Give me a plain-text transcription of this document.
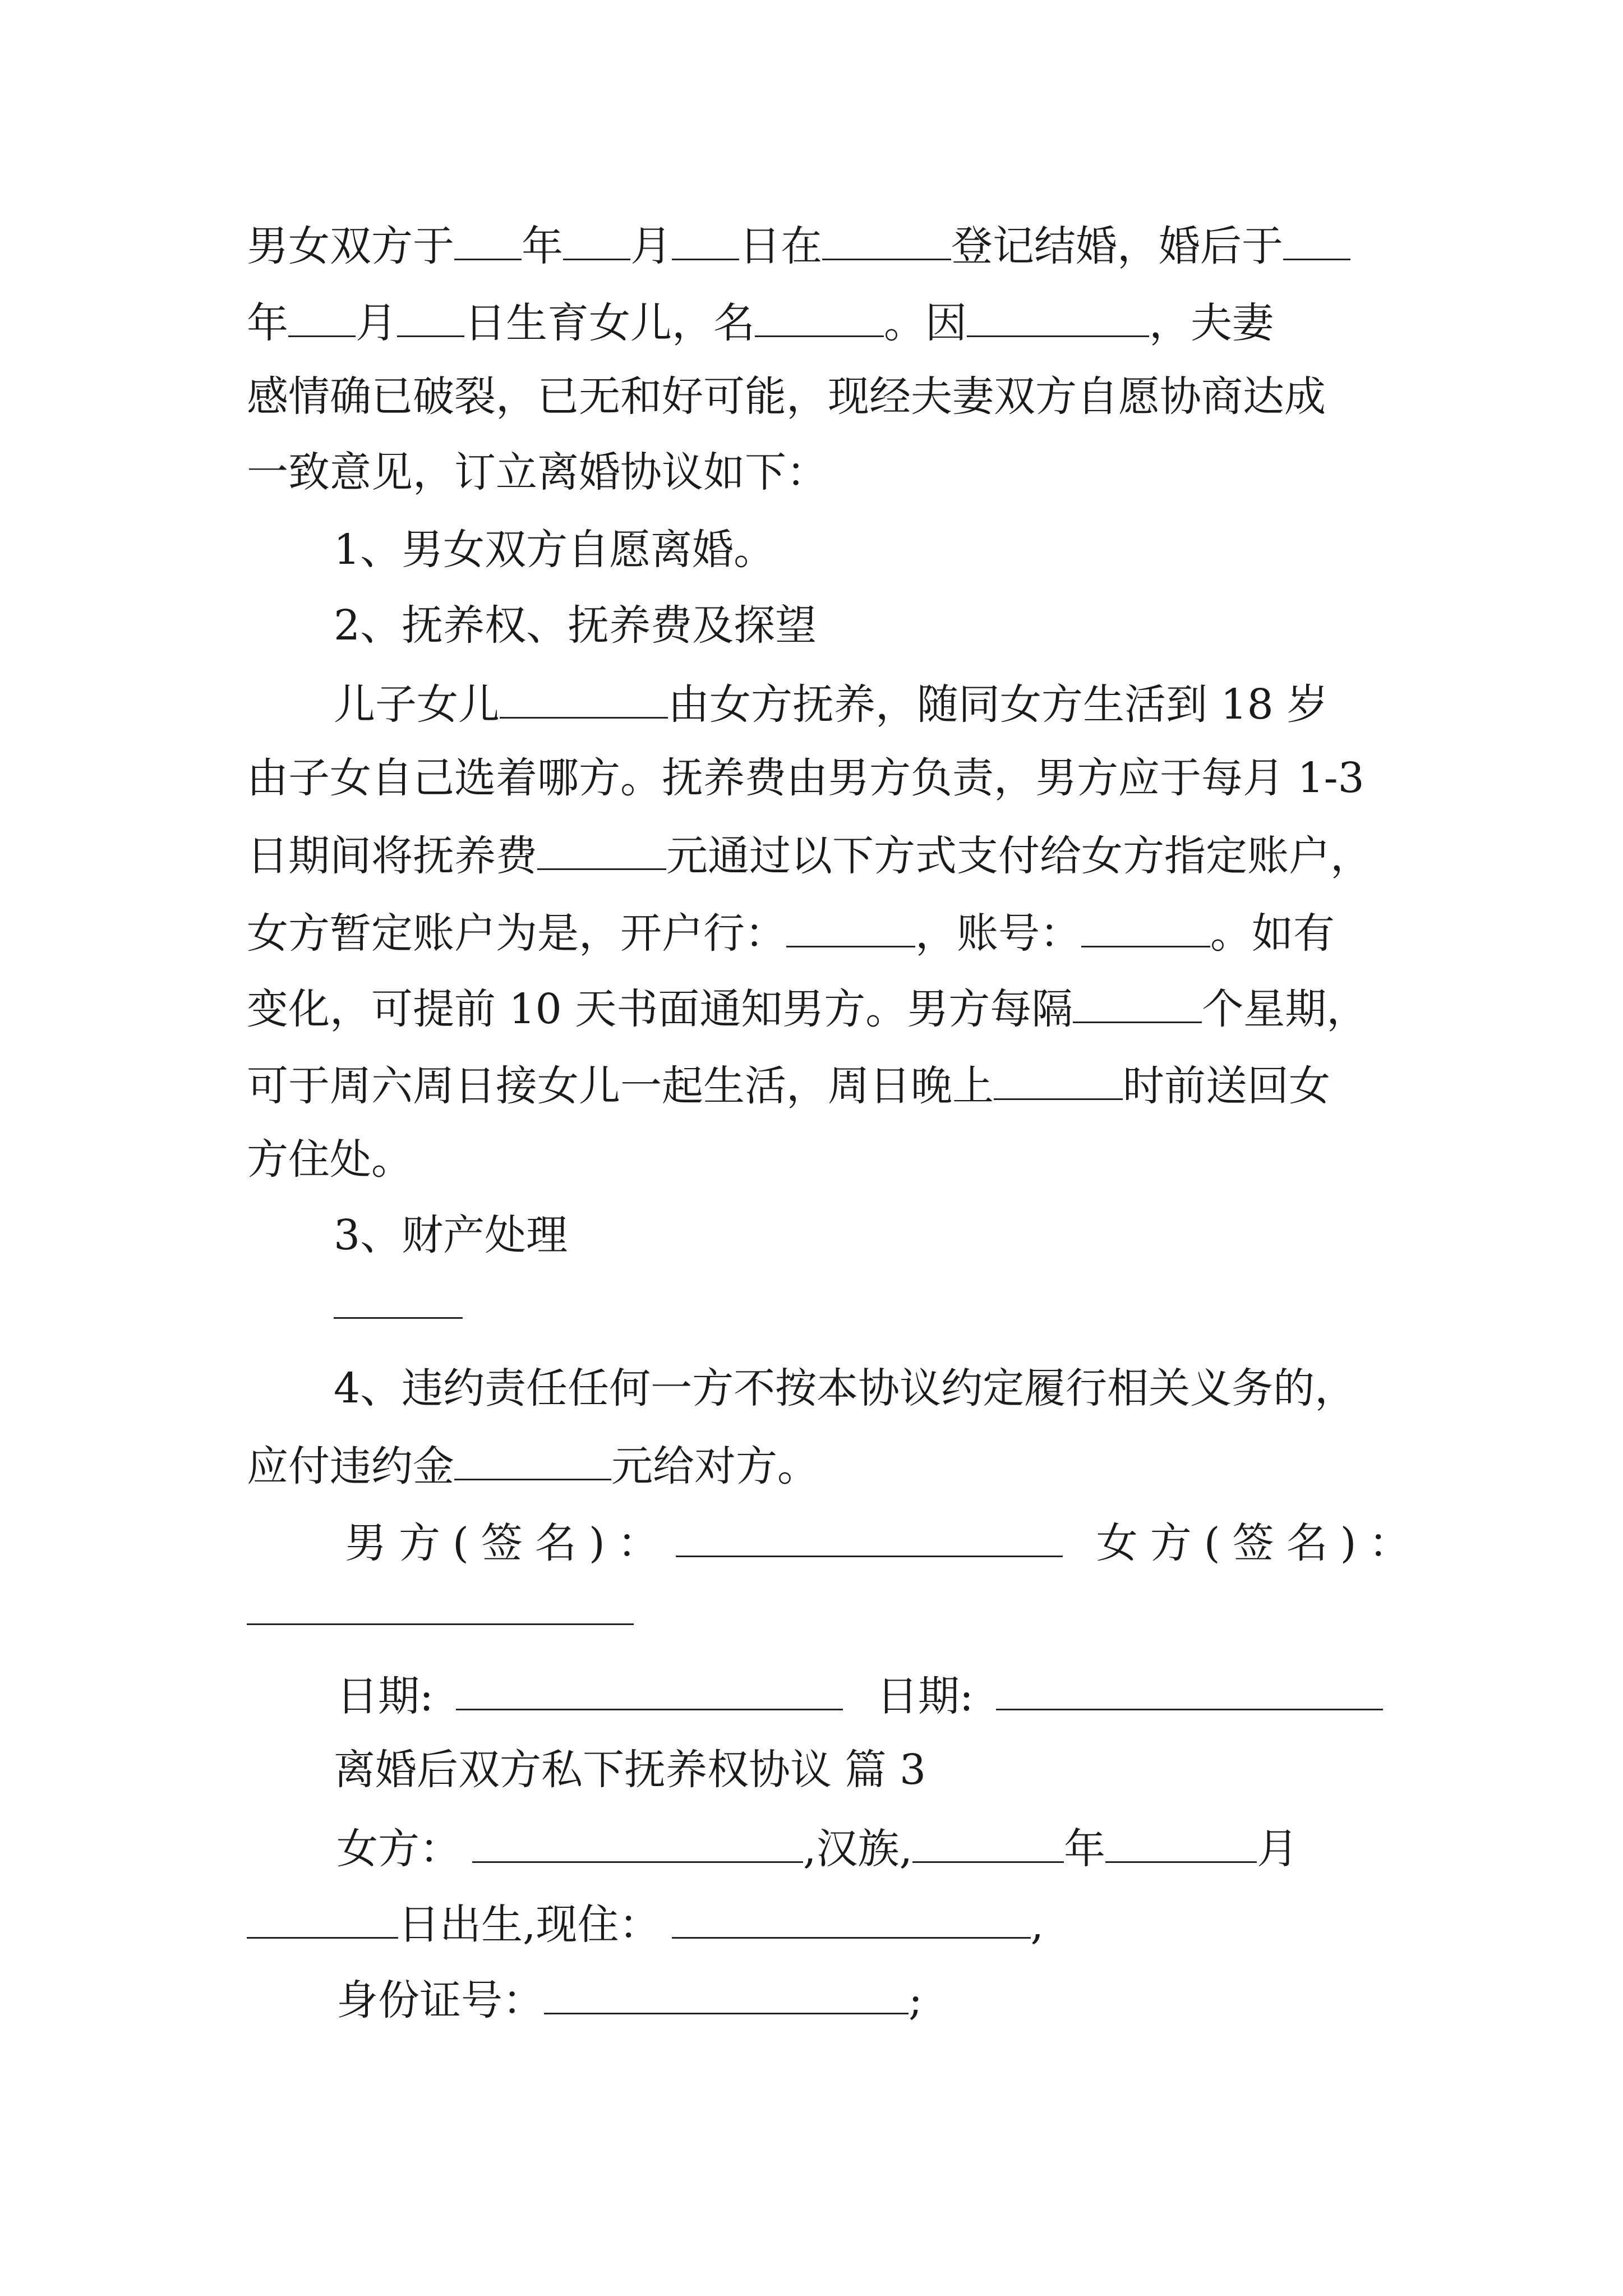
男女双方于 年 月 日在	登记结婚，婚后于
年 月 日生育女儿，名	。因	，夫妻
感情确已破裂，已无和好可能，现经夫妻双方自愿协商达成
一致意见，订立离婚协议如下：
1、男女双方自愿离婚。
2、抚养权、抚养费及探望
儿子女儿	由女方抚养，随同女方生活到 18 岁
由子女自己选着哪方。抚养费由男方负责，男方应于每月 1-3
日期间将抚养费	元通过以下方式支付给女方指定账户，
女方暂定账户为是，开户行：	，账号：	。如有
变化，可提前 10 天书面通知男方。男方每隔	个星期，
可于周六周日接女儿一起生活，周日晚上	时前送回女
方住处。
3、财产处理
4、违约责任任何一方不按本协议约定履行相关义务的，
应付违约金	元给对方。
男方(签名)：	女方(签名)：
日期:	日期:
离婚后双方私下抚养权协议 篇 3
女方：	,汉族,	年	月
日出生,现住：	,
身份证号：	;
